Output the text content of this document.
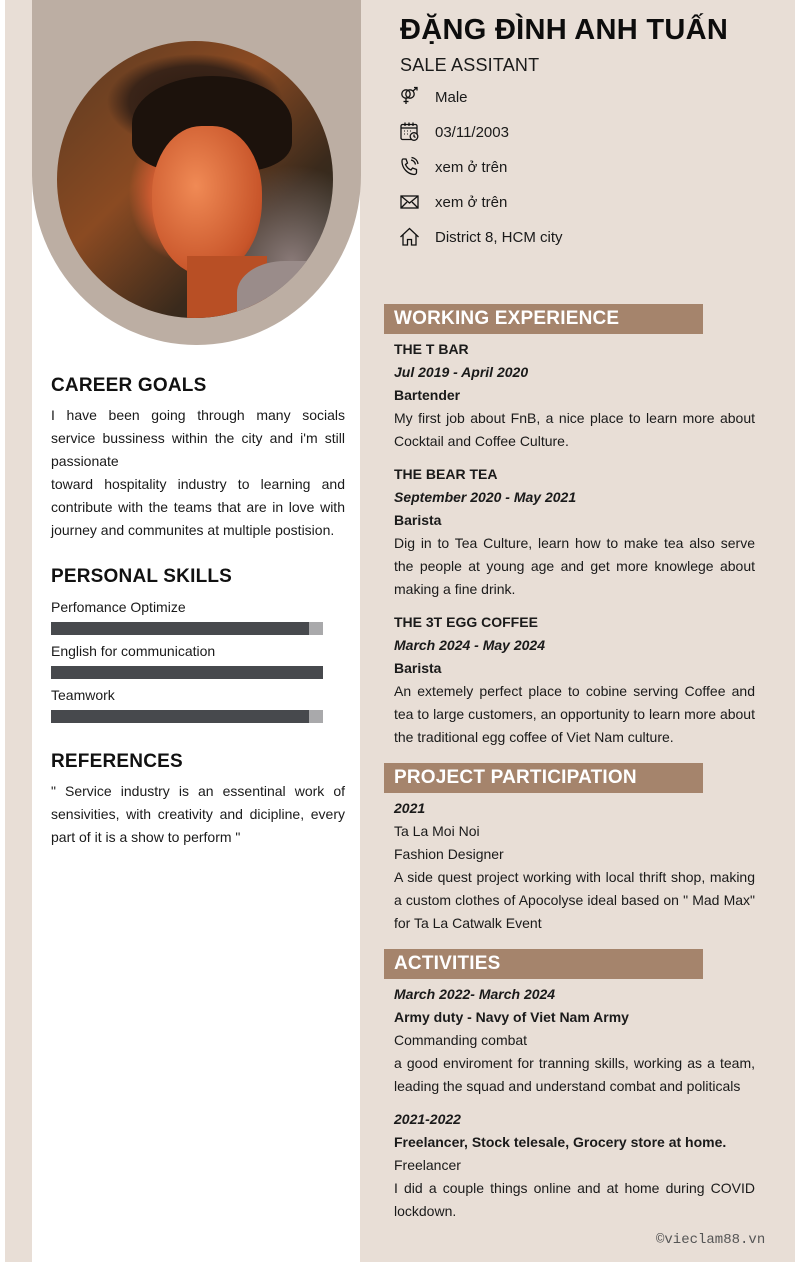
ĐẶNG ĐÌNH ANH TUẤN
SALE ASSITANT
Male
03/11/2003
xem ở trên
xem ở trên
District 8, HCM city
CAREER GOALS

I have been going through many socials service bussiness within the city and i'm still passionate

toward hospitality industry to learning and contribute with the teams that are in love with journey and communites at multiple postision.

PERSONAL SKILLS
Perfomance Optimize
English for communication
Teamwork
REFERENCES
" Service industry is an essentinal work of sensivities, with creativity and dicipline, every part of it is a show to perform "
WORKING EXPERIENCE

THE T BAR

Jul 2019 - April 2020

Bartender

My first job about FnB, a nice place to learn more about Cocktail and Coffee Culture.

THE BEAR TEA

September 2020 - May 2021

Barista

Dig in to Tea Culture, learn how to make tea also serve the people at young age and get more knowlege about making a fine drink.

THE 3T EGG COFFEE

March 2024 - May 2024

Barista

An extemely perfect place to cobine serving Coffee and tea to large customers, an opportunity to learn more about the traditional egg coffee of Viet Nam culture.

PROJECT PARTICIPATION

2021

Ta La Moi Noi

Fashion Designer

A side quest project working with local thrift shop, making a custom clothes of Apocolyse ideal based on " Mad Max" for Ta La Catwalk Event

ACTIVITIES

March 2022- March 2024

Army duty - Navy of Viet Nam Army

Commanding combat

a good enviroment for tranning skills, working as a team, leading the squad and understand combat and politicals

2021-2022

Freelancer, Stock telesale, Grocery store at home.

Freelancer

I did a couple things online and at home during COVID lockdown.

©vieclam88.vn
